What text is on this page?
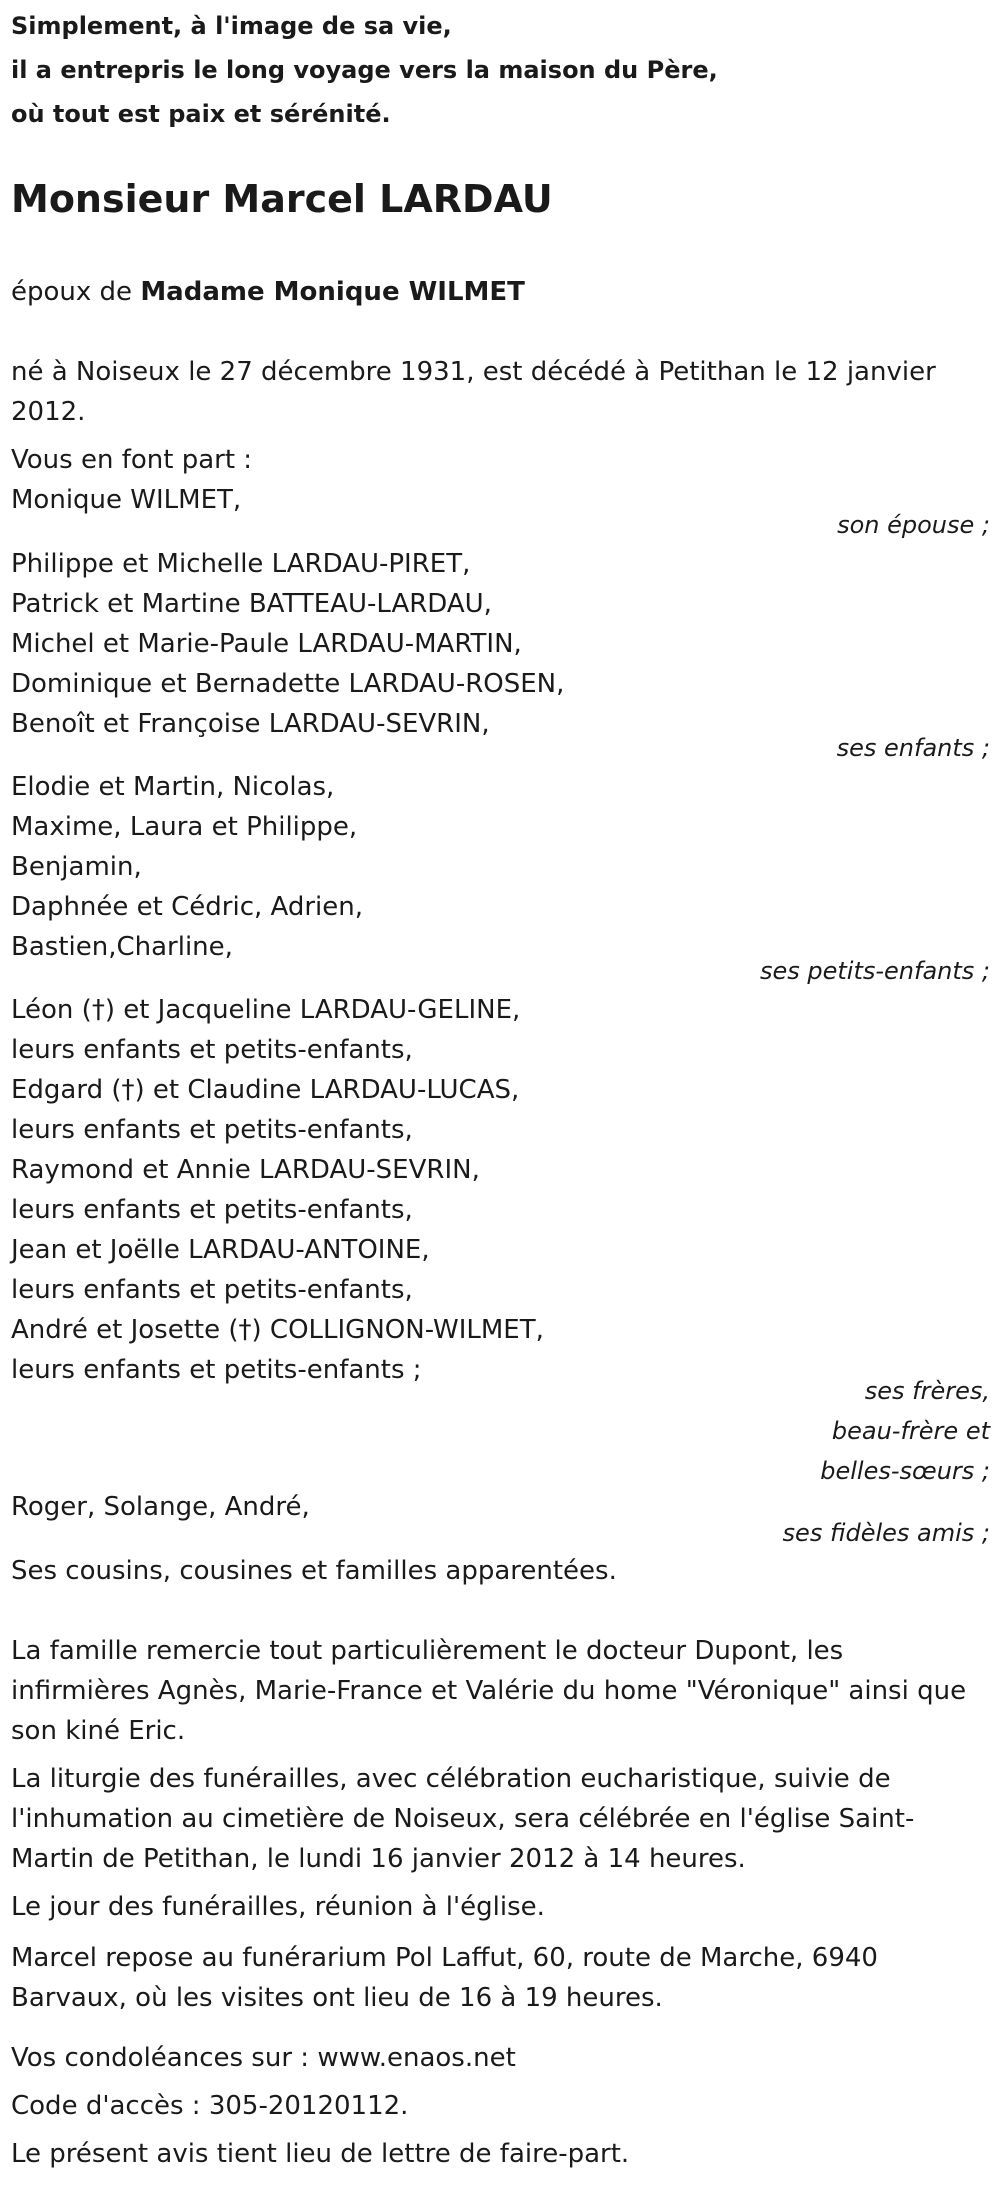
Simplement, à l'image de sa vie,
il a entrepris le long voyage vers la maison du Père,
où tout est paix et sérénité.
Monsieur Marcel LARDAU
époux de Madame Monique WILMET
né à Noiseux le 27 décembre 1931, est décédé à Petithan le 12 janvier
2012.
Vous en font part :
Monique WILMET,
son épouse ;
Philippe et Michelle LARDAU-PIRET,
Patrick et Martine BATTEAU-LARDAU,
Michel et Marie-Paule LARDAU-MARTIN,
Dominique et Bernadette LARDAU-ROSEN,
Benoît et Françoise LARDAU-SEVRIN,
ses enfants ;
Elodie et Martin, Nicolas,
Maxime, Laura et Philippe,
Benjamin,
Daphnée et Cédric, Adrien,
Bastien,Charline,
ses petits-enfants ;
Léon (†) et Jacqueline LARDAU-GELINE,
leurs enfants et petits-enfants,
Edgard (†) et Claudine LARDAU-LUCAS,
leurs enfants et petits-enfants,
Raymond et Annie LARDAU-SEVRIN,
leurs enfants et petits-enfants,
Jean et Joëlle LARDAU-ANTOINE,
leurs enfants et petits-enfants,
André et Josette (†) COLLIGNON-WILMET,
leurs enfants et petits-enfants ;
ses frères,
beau-frère et
belles-sœurs ;
Roger, Solange, André,
ses fidèles amis ;
Ses cousins, cousines et familles apparentées.
La famille remercie tout particulièrement le docteur Dupont, les
infirmières Agnès, Marie-France et Valérie du home "Véronique" ainsi que
son kiné Eric.
La liturgie des funérailles, avec célébration eucharistique, suivie de
l'inhumation au cimetière de Noiseux, sera célébrée en l'église Saint-
Martin de Petithan, le lundi 16 janvier 2012 à 14 heures.
Le jour des funérailles, réunion à l'église.
Marcel repose au funérarium Pol Laffut, 60, route de Marche, 6940
Barvaux, où les visites ont lieu de 16 à 19 heures.
Vos condoléances sur : www.enaos.net
Code d'accès : 305-20120112.
Le présent avis tient lieu de lettre de faire-part.
